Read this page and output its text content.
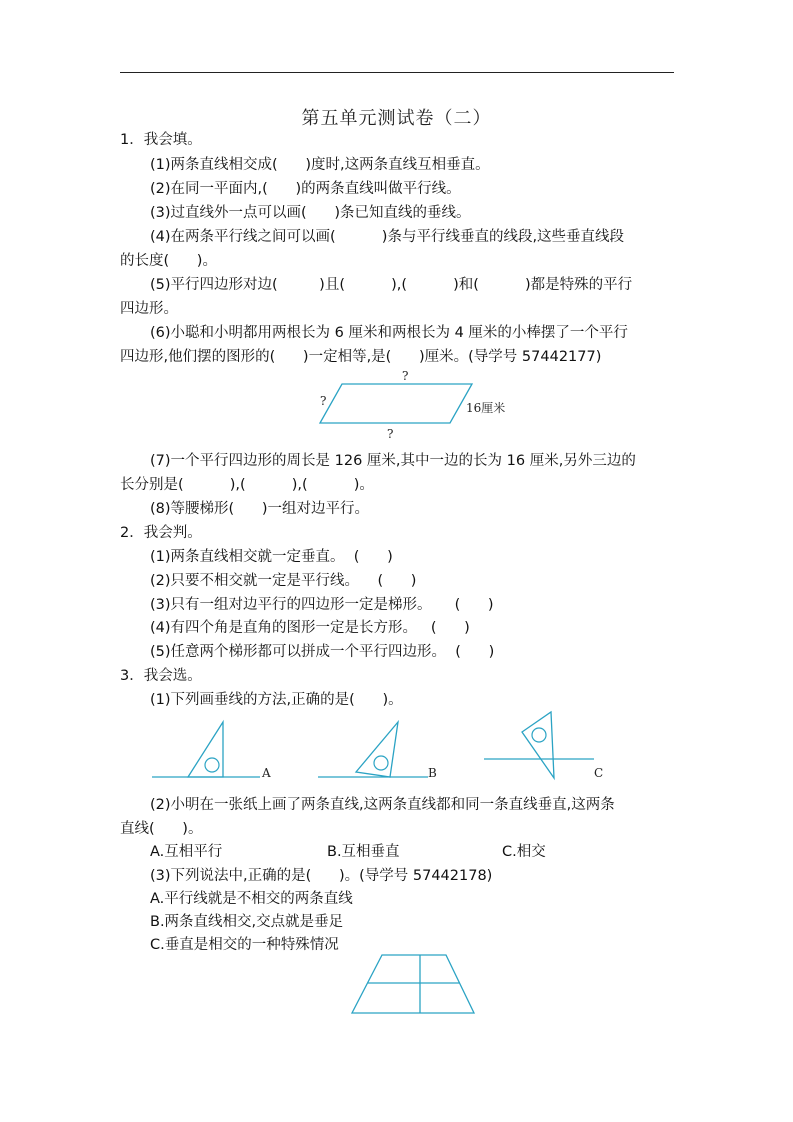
第五单元测试卷（二）
1．我会填。
(1)两条直线相交成(      )度时,这两条直线互相垂直。
(2)在同一平面内,(      )的两条直线叫做平行线。
(3)过直线外一点可以画(      )条已知直线的垂线。
(4)在两条平行线之间可以画(          )条与平行线垂直的线段,这些垂直线段
的长度(      )。
(5)平行四边形对边(         )且(          ),(          )和(          )都是特殊的平行
四边形。
(6)小聪和小明都用两根长为 6 厘米和两根长为 4 厘米的小棒摆了一个平行
四边形,他们摆的图形的(      )一定相等,是(      )厘米。(导学号 57442177)
?
?
?
16厘米
A	B	C
(7)一个平行四边形的周长是 126 厘米,其中一边的长为 16 厘米,另外三边的
长分别是(          ),(          ),(          )。
(8)等腰梯形(      )一组对边平行。
2．我会判。
(1)两条直线相交就一定垂直。  (      )
(2)只要不相交就一定是平行线。    (      )
(3)只有一组对边平行的四边形一定是梯形。     (      )
(4)有四个角是直角的图形一定是长方形。   (      )
(5)任意两个梯形都可以拼成一个平行四边形。  (      )
3．我会选。
(1)下列画垂线的方法,正确的是(      )。
(2)小明在一张纸上画了两条直线,这两条直线都和同一条直线垂直,这两条
直线(      )。
A.互相平行	B.互相垂直	C.相交
(3)下列说法中,正确的是(      )。(导学号 57442178)
A.平行线就是不相交的两条直线
B.两条直线相交,交点就是垂足
C.垂直是相交的一种特殊情况
